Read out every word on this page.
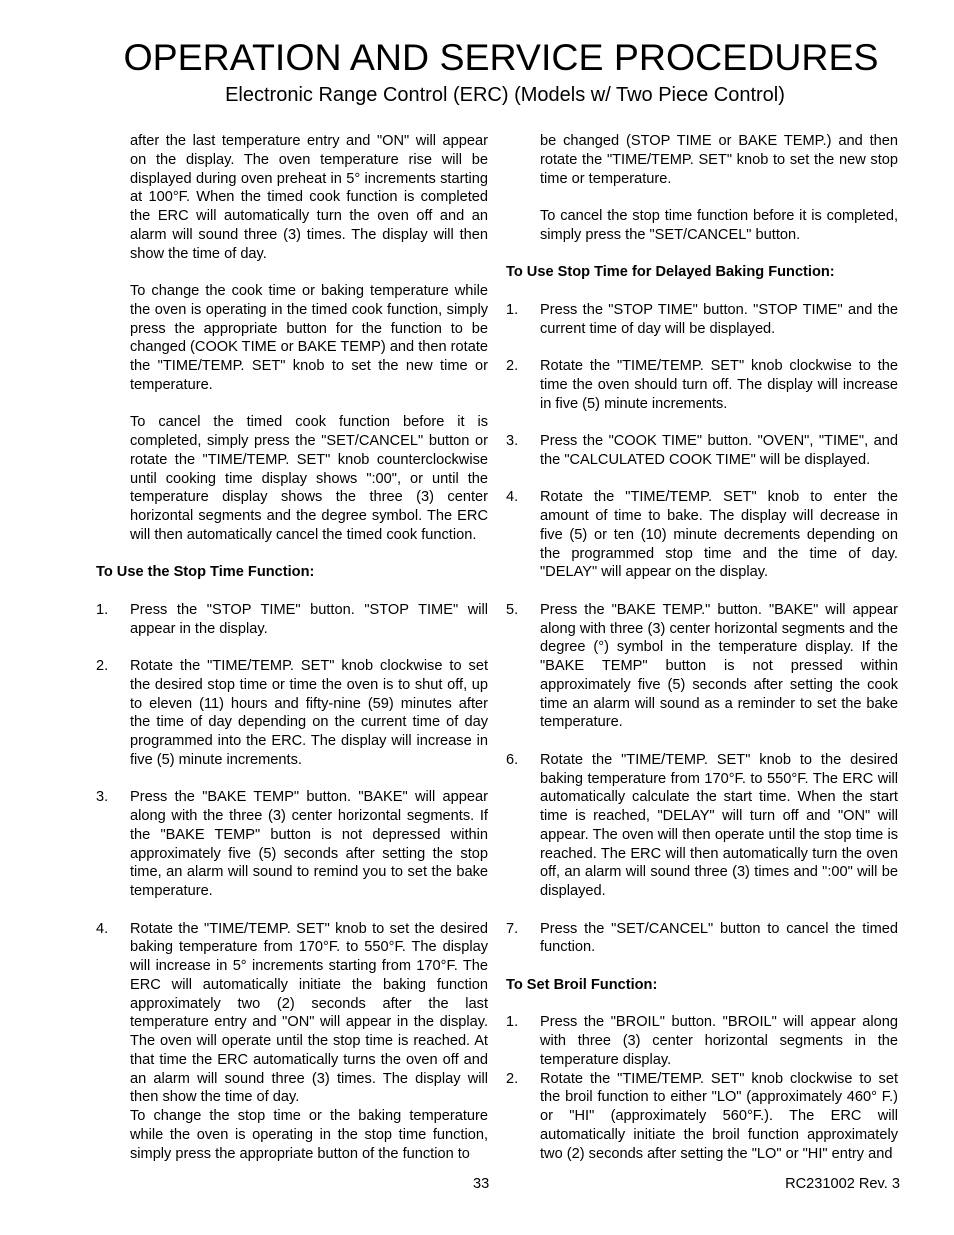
OPERATION AND SERVICE PROCEDURES
Electronic Range Control (ERC) (Models w/ Two Piece Control)

after the last temperature entry and "ON" will appear on the display. The oven temperature rise will be displayed during oven preheat in 5° increments starting at 100°F. When the timed cook function is completed the ERC will automatically turn the oven off and an alarm will sound three (3) times. The display will then show the time of day.

To change the cook time or baking temperature while the oven is operating in the timed cook function, simply press the appropriate button for the function to be changed (COOK TIME or BAKE TEMP) and then rotate the "TIME/TEMP. SET" knob to set the new time or temperature.

To cancel the timed cook function before it is completed, simply press the "SET/CANCEL" button or rotate the "TIME/TEMP. SET" knob counterclockwise until cooking time display shows ":00", or until the temperature display shows the three (3) center horizontal segments and the degree symbol. The ERC will then automatically cancel the timed cook function.

To Use the Stop Time Function:

1. Press the "STOP TIME" button. "STOP TIME" will appear in the display.
2. Rotate the "TIME/TEMP. SET" knob clockwise to set the desired stop time or time the oven is to shut off, up to eleven (11) hours and fifty-nine (59) minutes after the time of day depending on the current time of day programmed into the ERC. The display will increase in five (5) minute increments.
3. Press the "BAKE TEMP" button. "BAKE" will appear along with the three (3) center horizontal segments. If the "BAKE TEMP" button is not depressed within approximately five (5) seconds after setting the stop time, an alarm will sound to remind you to set the bake temperature.
4. Rotate the "TIME/TEMP. SET" knob to set the desired baking temperature from 170°F. to 550°F. The display will increase in 5° increments starting from 170°F. The ERC will automatically initiate the baking function approximately two (2) seconds after the last temperature entry and "ON" will appear in the display. The oven will operate until the stop time is reached. At that time the ERC automatically turns the oven off and an alarm will sound three (3) times. The display will then show the time of day.

To change the stop time or the baking temperature while the oven is operating in the stop time function, simply press the appropriate button of the function to

be changed (STOP TIME or BAKE TEMP.) and then rotate the "TIME/TEMP. SET" knob to set the new stop time or temperature.

To cancel the stop time function before it is completed, simply press the "SET/CANCEL" button.

To Use Stop Time for Delayed Baking Function:

1. Press the "STOP TIME" button. "STOP TIME" and the current time of day will be displayed.
2. Rotate the "TIME/TEMP. SET" knob clockwise to the time the oven should turn off. The display will increase in five (5) minute increments.
3. Press the "COOK TIME" button. "OVEN", "TIME", and the "CALCULATED COOK TIME" will be displayed.
4. Rotate the "TIME/TEMP. SET" knob to enter the amount of time to bake. The display will decrease in five (5) or ten (10) minute decrements depending on the programmed stop time and the time of day. "DELAY" will appear on the display.
5. Press the "BAKE TEMP." button. "BAKE" will appear along with three (3) center horizontal segments and the degree (°) symbol in the temperature display. If the "BAKE TEMP" button is not pressed within approximately five (5) seconds after setting the cook time an alarm will sound as a reminder to set the bake temperature.
6. Rotate the "TIME/TEMP. SET" knob to the desired baking temperature from 170°F. to 550°F. The ERC will automatically calculate the start time. When the start time is reached, "DELAY" will turn off and "ON" will appear. The oven will then operate until the stop time is reached. The ERC will then automatically turn the oven off, an alarm will sound three (3) times and ":00" will be displayed.
7. Press the "SET/CANCEL" button to cancel the timed function.

To Set Broil Function:

1. Press the "BROIL" button. "BROIL" will appear along with three (3) center horizontal segments in the temperature display.
2. Rotate the "TIME/TEMP. SET" knob clockwise to set the broil function to either "LO" (approximately 460° F.) or "HI" (approximately 560°F.). The ERC will automatically initiate the broil function approximately two (2) seconds after setting the "LO" or "HI" entry and
33	RC231002 Rev. 3
